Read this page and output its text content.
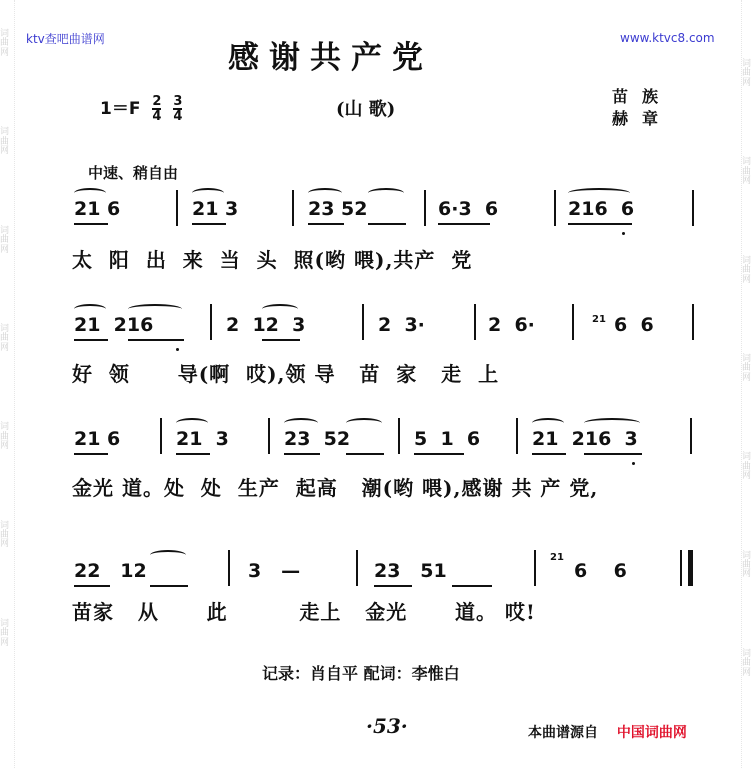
词曲网
词曲网
词曲网
词曲网
词曲网
词曲网
词曲网
词曲网
词曲网
词曲网
词曲网
词曲网
词曲网
词曲网
ktv查吧曲谱网	www.ktvc8.com
感谢共产党
$1=F \frac{2}{4}$
$\frac{3}{4}$	(山 歌)
苗族
赫章
中速、稍自由
21 6	21 3	23 52	6·3  6	216  6
太  阳  出  来  当  头  照(哟 喂),共产  党
21  216	2  12  3	2  3·	2  6·	21 6  6
好  领      导(啊  哎),领 导   苗  家   走  上
21 6	21  3	23  52	5  1  6	21  216  3
金光 道。处  处  生产  起高   潮(哟 喂),感谢 共 产 党,
22   12	3   —	23   51
21
6    6
苗家   从      此         走上   金光      道。 哎!
记录：肖自平 配词：李惟白
·53·	本曲谱源自 中国词曲网
